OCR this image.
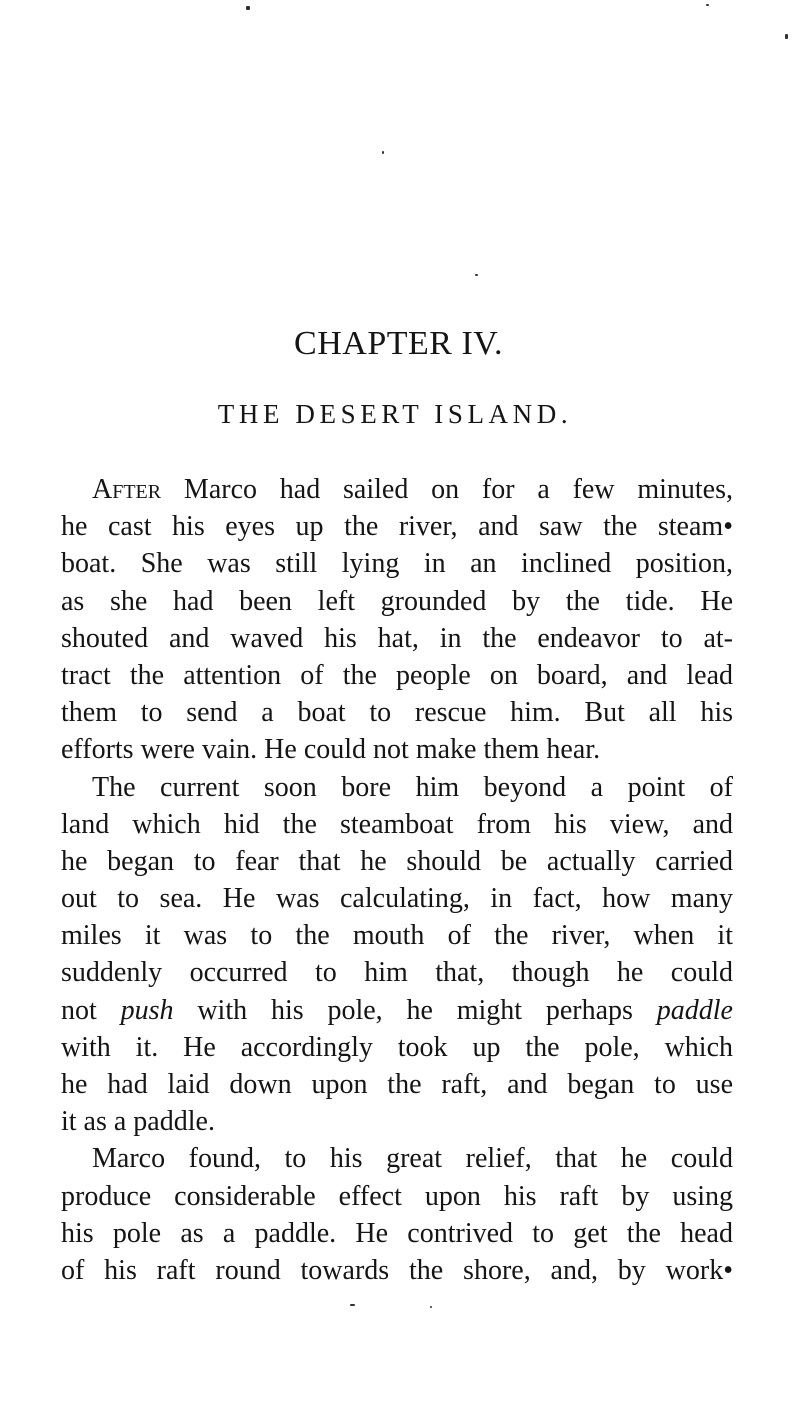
CHAPTER IV.
THE DESERT ISLAND.
After Marco had sailed on for a few minutes,
he cast his eyes up the river, and saw the steam•
boat. She was still lying in an inclined position,
as she had been left grounded by the tide. He
shouted and waved his hat, in the endeavor to at-
tract the attention of the people on board, and lead
them to send a boat to rescue him. But all his
efforts were vain. He could not make them hear.
The current soon bore him beyond a point of
land which hid the steamboat from his view, and
he began to fear that he should be actually carried
out to sea. He was calculating, in fact, how many
miles it was to the mouth of the river, when it
suddenly occurred to him that, though he could
not push with his pole, he might perhaps paddle
with it. He accordingly took up the pole, which
he had laid down upon the raft, and began to use
it as a paddle.
Marco found, to his great relief, that he could
produce considerable effect upon his raft by using
his pole as a paddle. He contrived to get the head
of his raft round towards the shore, and, by work•
